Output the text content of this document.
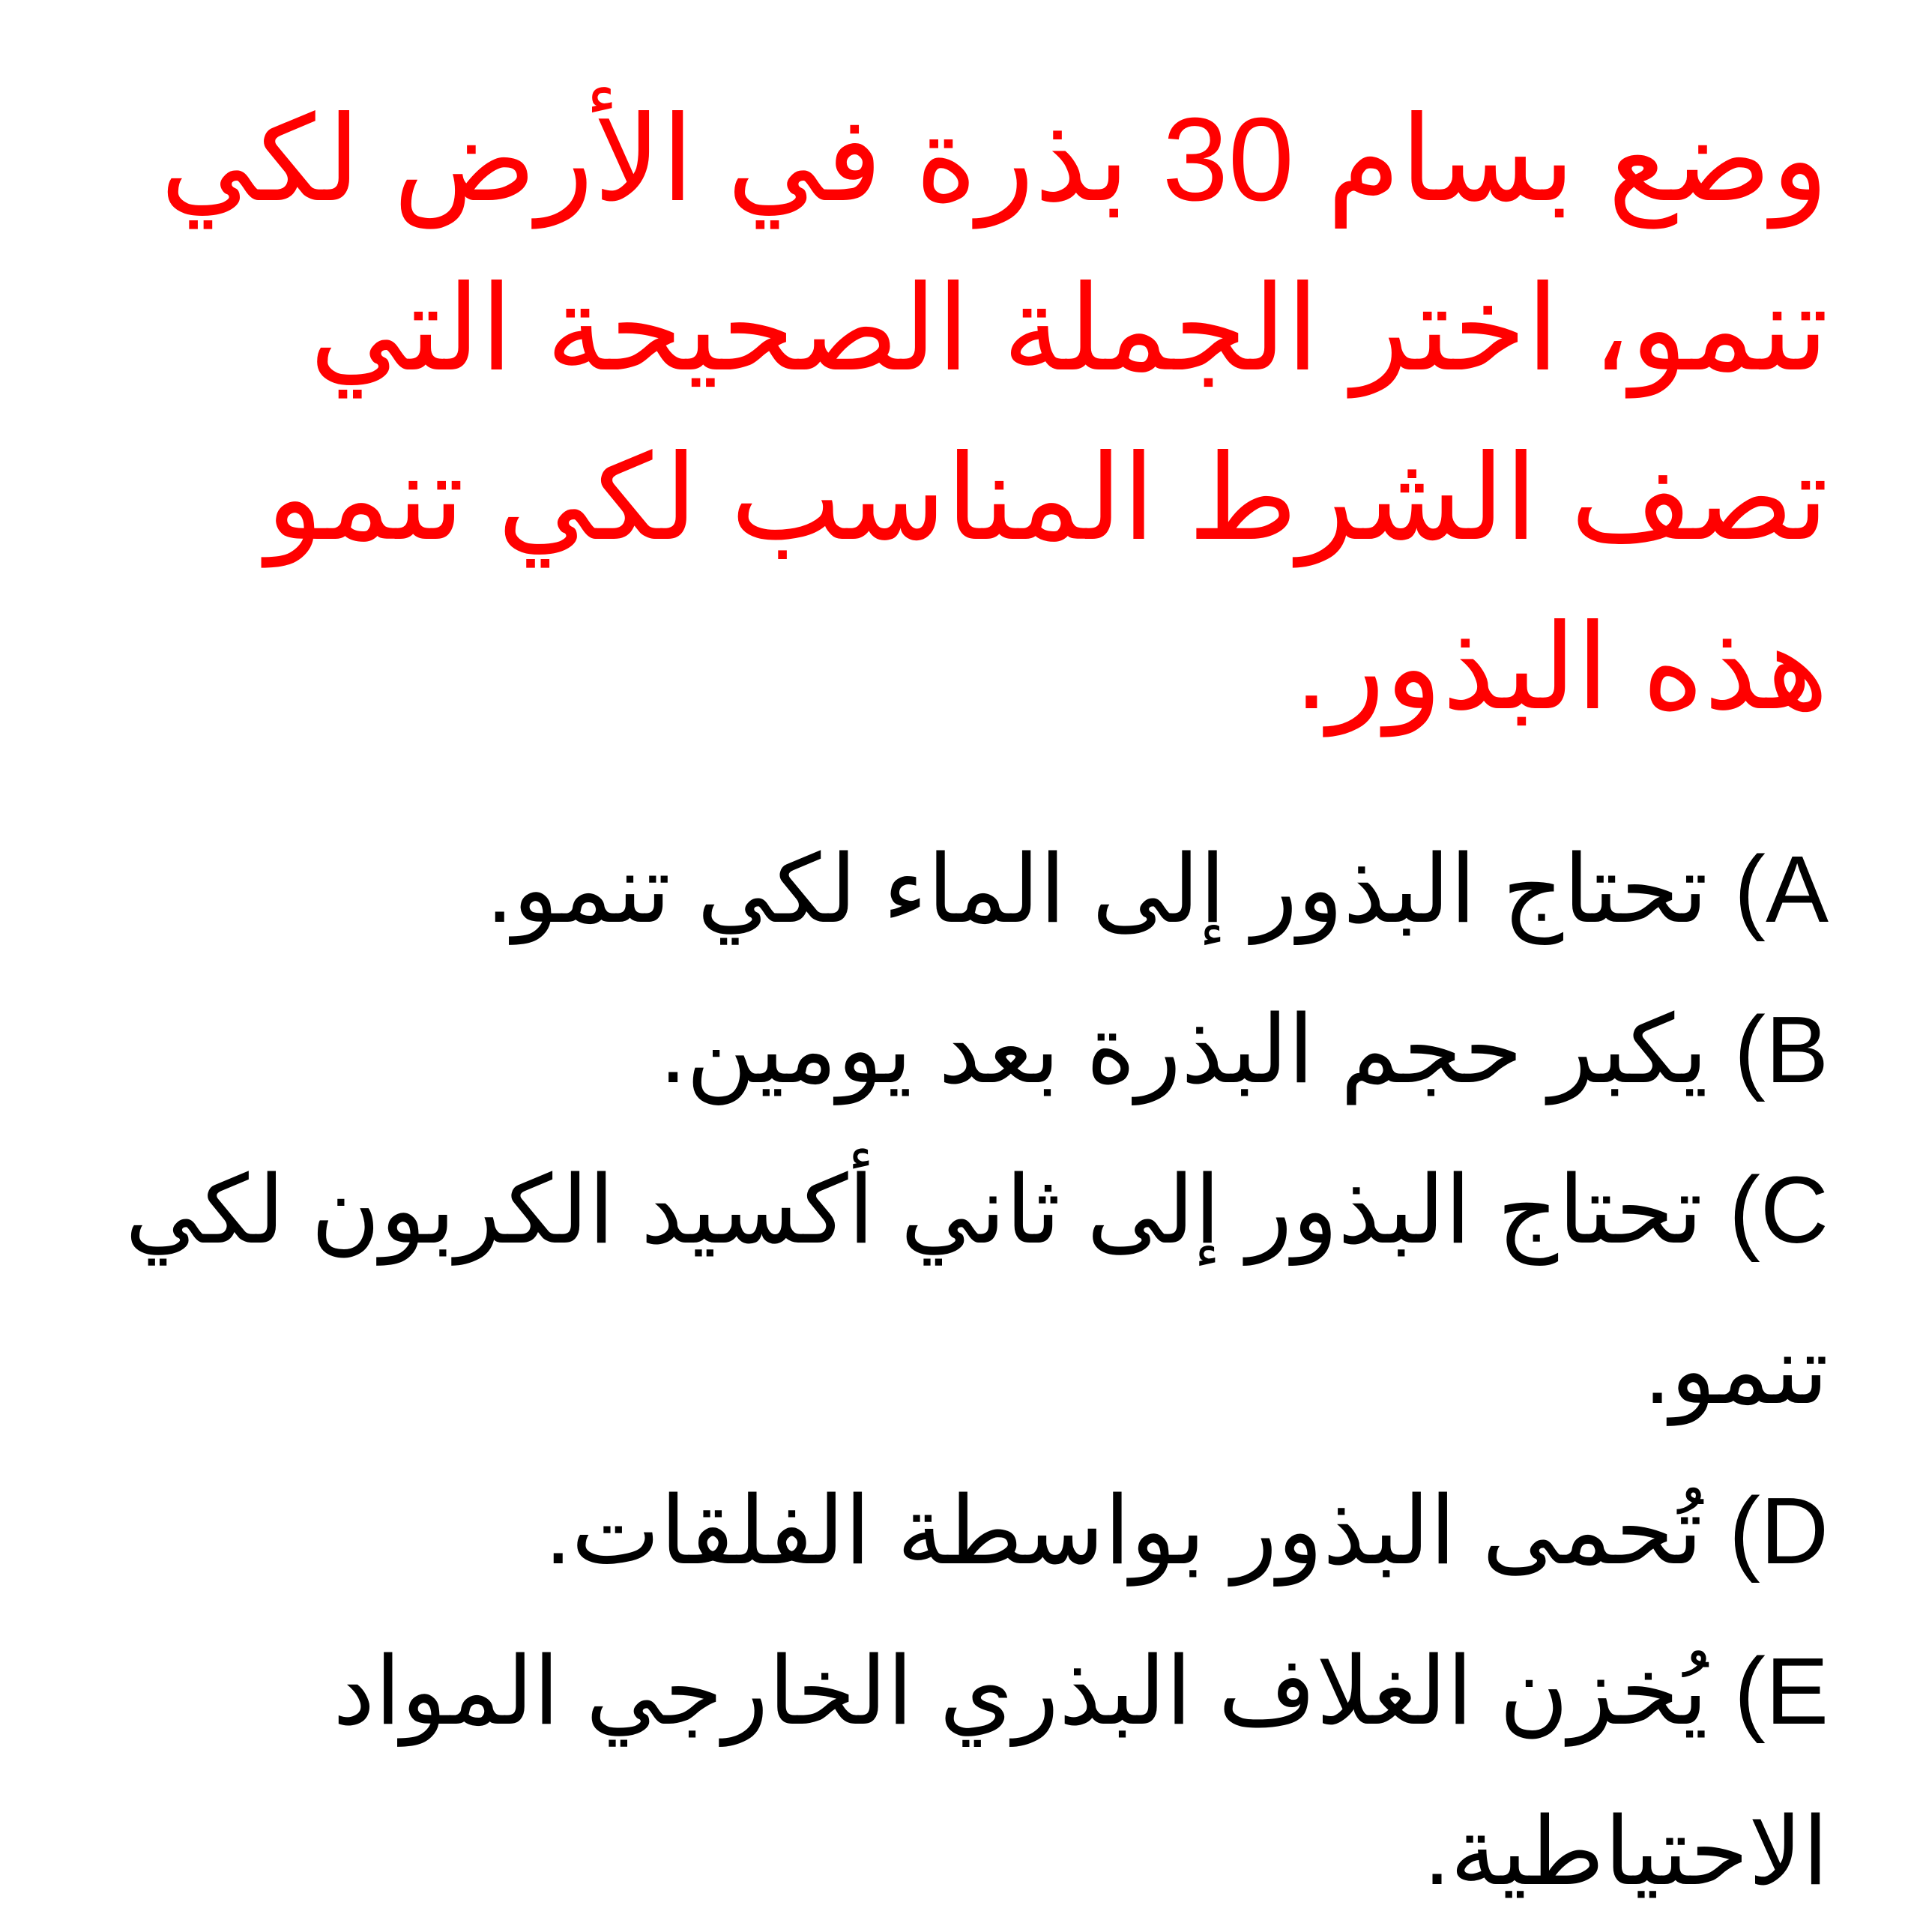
وضع بسام 30 بذرة في الأرض لكي تنمو، اختر الجملة الصحيحة التي تصف الشرط المناسب لكي تنمو هذه البذور.

A) تحتاج البذور إلى الماء لكي تنمو.
B) يكبر حجم البذرة بعد يومين.
C) تحتاج البذور إلى ثاني أكسيد الكربون لكي تنمو.
D) تُحمى البذور بواسطة الفلقات.
E) يُخزن الغلاف البذري الخارجي المواد الاحتياطية.
